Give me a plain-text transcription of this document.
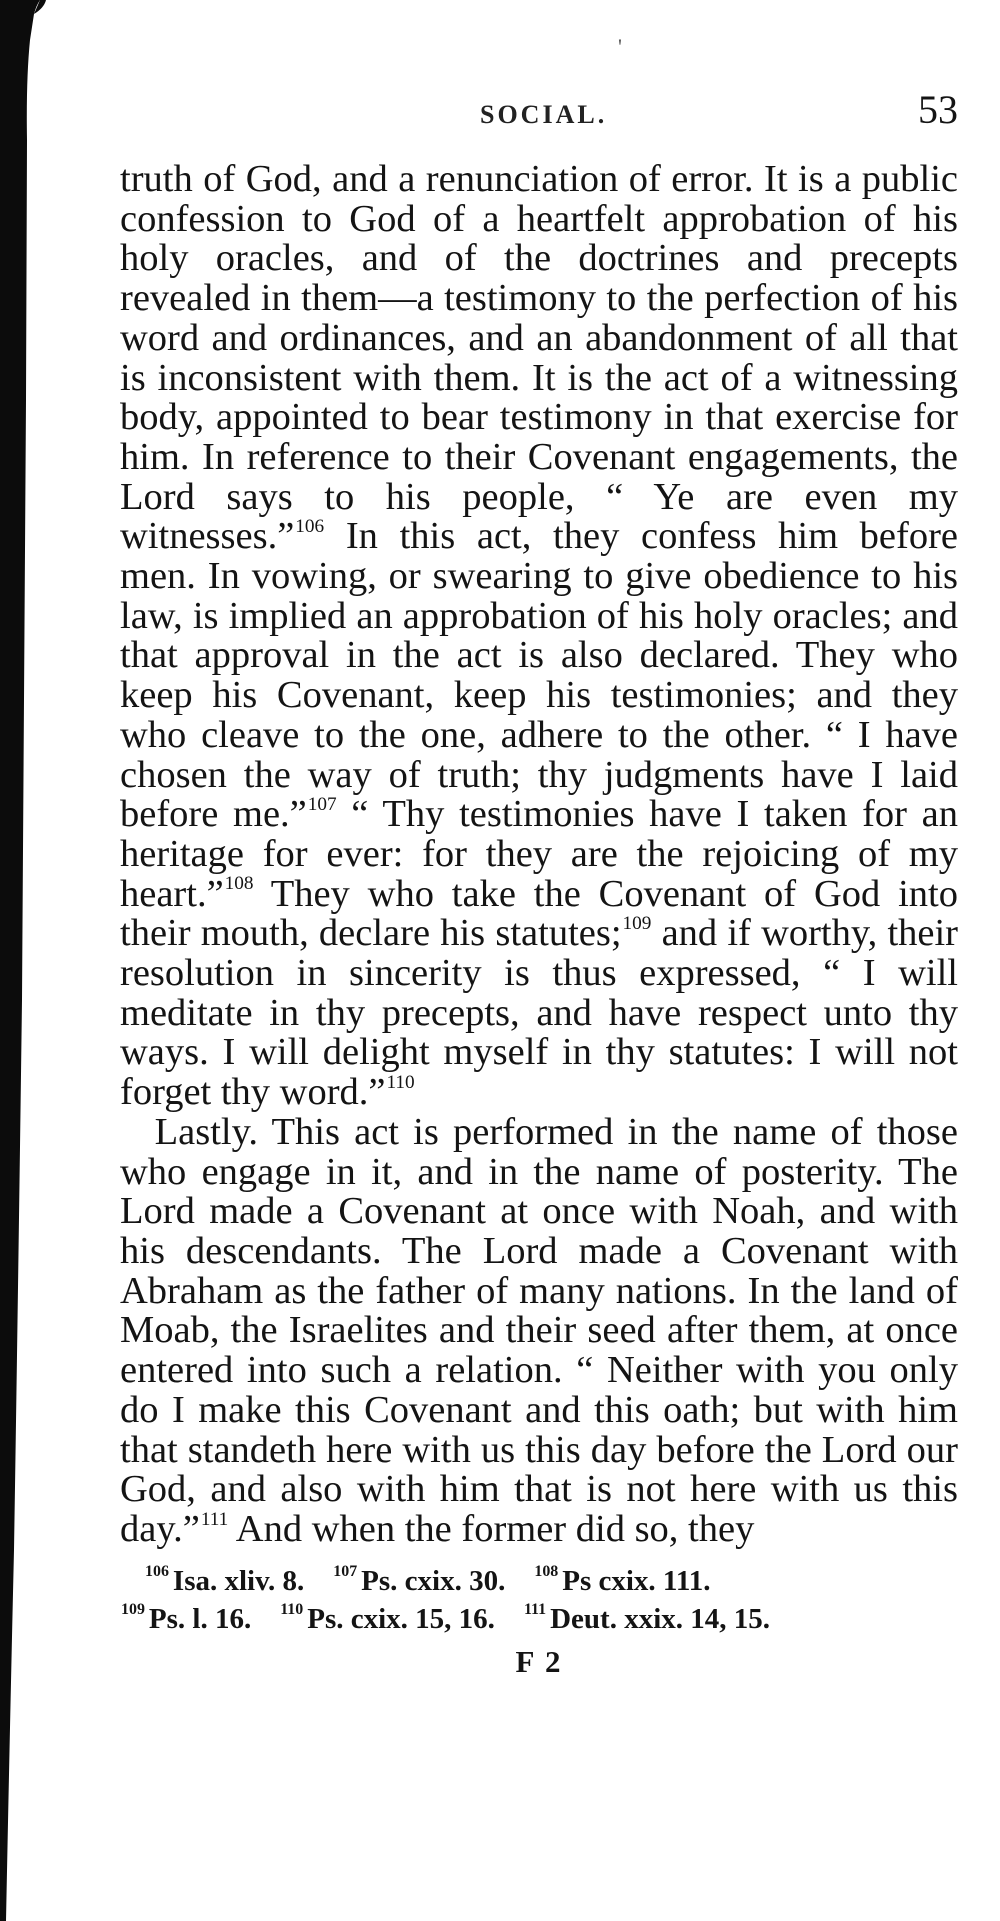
'
SOCIAL.	53

truth of God, and a renunciation of error. It is a public confession to God of a heartfelt approbation of his holy oracles, and of the doctrines and precepts revealed in them—a testimony to the perfection of his word and ordinances, and an abandonment of all that is inconsistent with them. It is the act of a witnessing body, appointed to bear testimony in that exercise for him. In reference to their Covenant engagements, the Lord says to his people, “ Ye are even my witnesses.”$^{106}$ In this act, they confess him before men. In vowing, or swearing to give obedience to his law, is implied an approbation of his holy oracles; and that approval in the act is also declared. They who keep his Covenant, keep his testimonies; and they who cleave to the one, adhere to the other. “ I have chosen the way of truth; thy judgments have I laid before me.”$^{107}$ “ Thy testimonies have I taken for an heritage for ever: for they are the rejoicing of my heart.”$^{108}$ They who take the Covenant of God into their mouth, declare his statutes;$^{109}$ and if worthy, their resolution in sincerity is thus expressed, “ I will meditate in thy precepts, and have respect unto thy ways. I will delight myself in thy statutes: I will not forget thy word.”$^{110}$

Lastly. This act is performed in the name of those who engage in it, and in the name of posterity. The Lord made a Covenant at once with Noah, and with his descendants. The Lord made a Covenant with Abraham as the father of many nations. In the land of Moab, the Israelites and their seed after them, at once entered into such a relation. “ Neither with you only do I make this Covenant and this oath; but with him that standeth here with us this day before the Lord our God, and also with him that is not here with us this day.”$^{111}$ And when the former did so, they

$^{106}$ Isa. xliv. 8. $^{107}$ Ps. cxix. 30. $^{108}$ Ps cxix. 111.
$^{109}$ Ps. l. 16. $^{110}$ Ps. cxix. 15, 16. $^{111}$ Deut. xxix. 14, 15.
F 2
